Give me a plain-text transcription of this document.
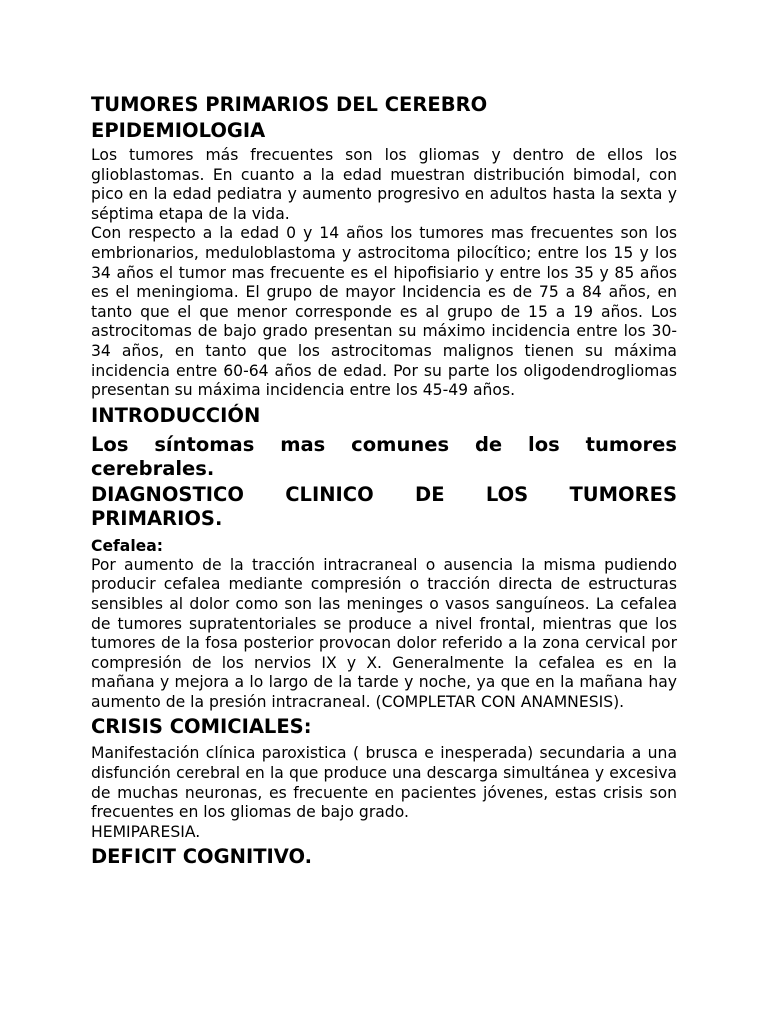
TUMORES PRIMARIOS DEL CEREBRO
EPIDEMIOLOGIA

Los tumores más frecuentes son los gliomas y dentro de ellos los glioblastomas. En cuanto a la edad muestran distribución bimodal, con pico en la edad pediatra y aumento progresivo en adultos hasta la sexta y séptima etapa de la vida.

Con respecto a la edad 0 y 14 años los tumores mas frecuentes son los embrionarios, meduloblastoma y astrocitoma pilocítico; entre los 15 y los 34 años el tumor mas frecuente es el hipofisiario y entre los 35 y 85 años es el meningioma. El grupo de mayor Incidencia es de 75 a 84 años, en tanto que el que menor corresponde es al grupo de 15 a 19 años. Los astrocitomas de bajo grado presentan su máximo incidencia entre los 30-34 años, en tanto que los astrocitomas malignos tienen su máxima incidencia entre 60-64 años de edad. Por su parte los oligodendrogliomas presentan su máxima incidencia entre los 45-49 años.

INTRODUCCIÓN

Los síntomas mas comunes de los tumores cerebrales.

DIAGNOSTICO CLINICO DE LOS TUMORES PRIMARIOS.
Cefalea:

Por aumento de la tracción intracraneal o ausencia la misma pudiendo producir cefalea mediante compresión o tracción directa de estructuras sensibles al dolor como son las meninges o vasos sanguíneos. La cefalea de tumores supratentoriales se produce a nivel frontal, mientras que los tumores de la fosa posterior provocan dolor referido a la zona cervical por compresión de los nervios IX y X. Generalmente la cefalea es en la mañana y mejora a lo largo de la tarde y noche, ya que en la mañana hay aumento de la presión intracraneal. (COMPLETAR CON ANAMNESIS).

CRISIS COMICIALES:

Manifestación clínica paroxistica ( brusca e inesperada) secundaria a una disfunción cerebral en la que produce una descarga simultánea y excesiva de muchas neuronas, es frecuente en pacientes jóvenes, estas crisis son frecuentes en los gliomas de bajo grado.

HEMIPARESIA.

DEFICIT COGNITIVO.
